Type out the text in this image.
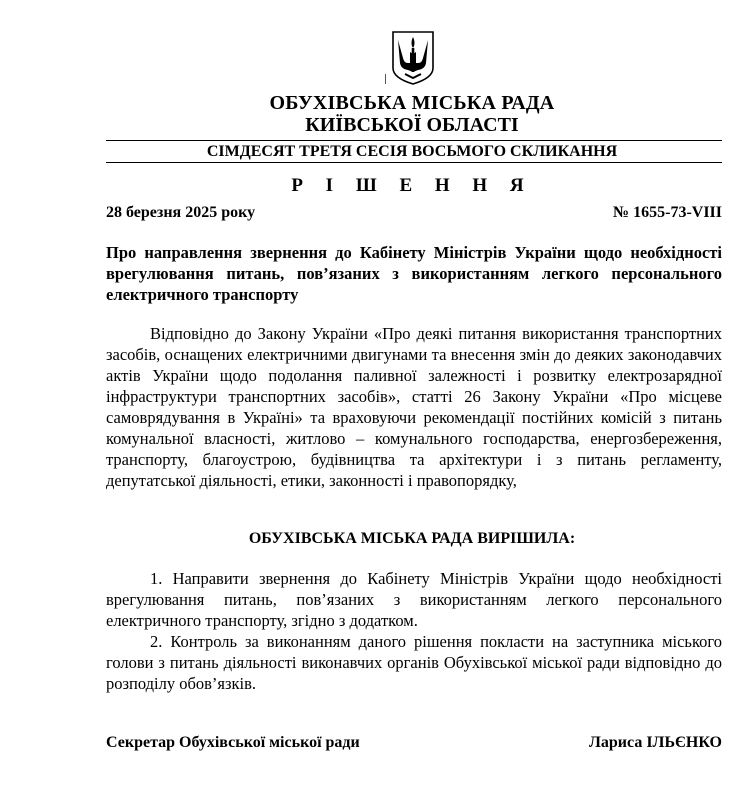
ОБУХІВСЬКА МІСЬКА РАДА
КИЇВСЬКОЇ ОБЛАСТІ
СІМДЕСЯТ ТРЕТЯ СЕСІЯ ВОСЬМОГО СКЛИКАННЯ
Р І Ш Е Н Н Я
28 березня 2025 року	№ 1655-73-VIII
Про направлення звернення до Кабінету Міністрів України щодо необхідності врегулювання питань, пов’язаних з використанням легкого персонального електричного транспорту
Відповідно до Закону України «Про деякі питання використання транспортних засобів, оснащених електричними двигунами та внесення змін до деяких законодавчих актів України щодо подолання паливної залежності і розвитку електрозарядної інфраструктури транспортних засобів», статті 26 Закону України «Про місцеве самоврядування в Україні» та враховуючи рекомендації постійних комісій з питань комунальної власності, житлово – комунального господарства, енергозбереження, транспорту, благоустрою, будівництва та архітектури і з питань регламенту, депутатської діяльності, етики, законності і правопорядку,
ОБУХІВСЬКА МІСЬКА РАДА ВИРІШИЛА:
1. Направити звернення до Кабінету Міністрів України щодо необхідності врегулювання питань, пов’язаних з використанням легкого персонального електричного транспорту, згідно з додатком.
2. Контроль за виконанням даного рішення покласти на заступника міського голови з питань діяльності виконавчих органів Обухівської міської ради відповідно до розподілу обов’язків.
Секретар Обухівської міської ради	Лариса ІЛЬЄНКО
